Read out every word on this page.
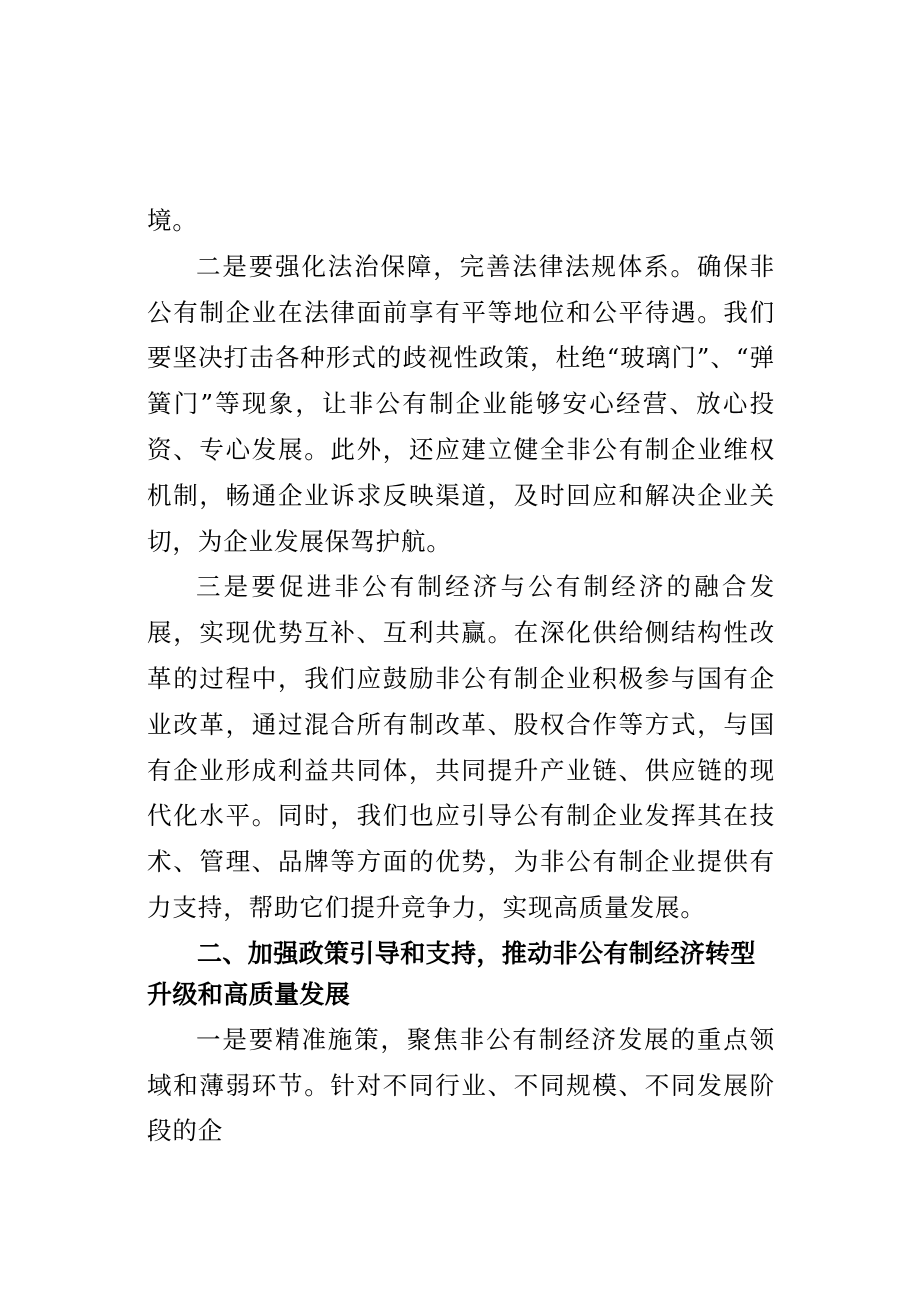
境。

二是要强化法治保障，完善法律法规体系。确保非公有制企业在法律面前享有平等地位和公平待遇。我们要坚决打击各种形式的歧视性政策，杜绝“玻璃门”、“弹簧门”等现象，让非公有制企业能够安心经营、放心投资、专心发展。此外，还应建立健全非公有制企业维权机制，畅通企业诉求反映渠道，及时回应和解决企业关切，为企业发展保驾护航。

三是要促进非公有制经济与公有制经济的融合发展，实现优势互补、互利共赢。在深化供给侧结构性改革的过程中，我们应鼓励非公有制企业积极参与国有企业改革，通过混合所有制改革、股权合作等方式，与国有企业形成利益共同体，共同提升产业链、供应链的现代化水平。同时，我们也应引导公有制企业发挥其在技术、管理、品牌等方面的优势，为非公有制企业提供有力支持，帮助它们提升竞争力，实现高质量发展。

二、加强政策引导和支持，推动非公有制经济转型升级和高质量发展

一是要精准施策，聚焦非公有制经济发展的重点领域和薄弱环节。针对不同行业、不同规模、不同发展阶段的企
